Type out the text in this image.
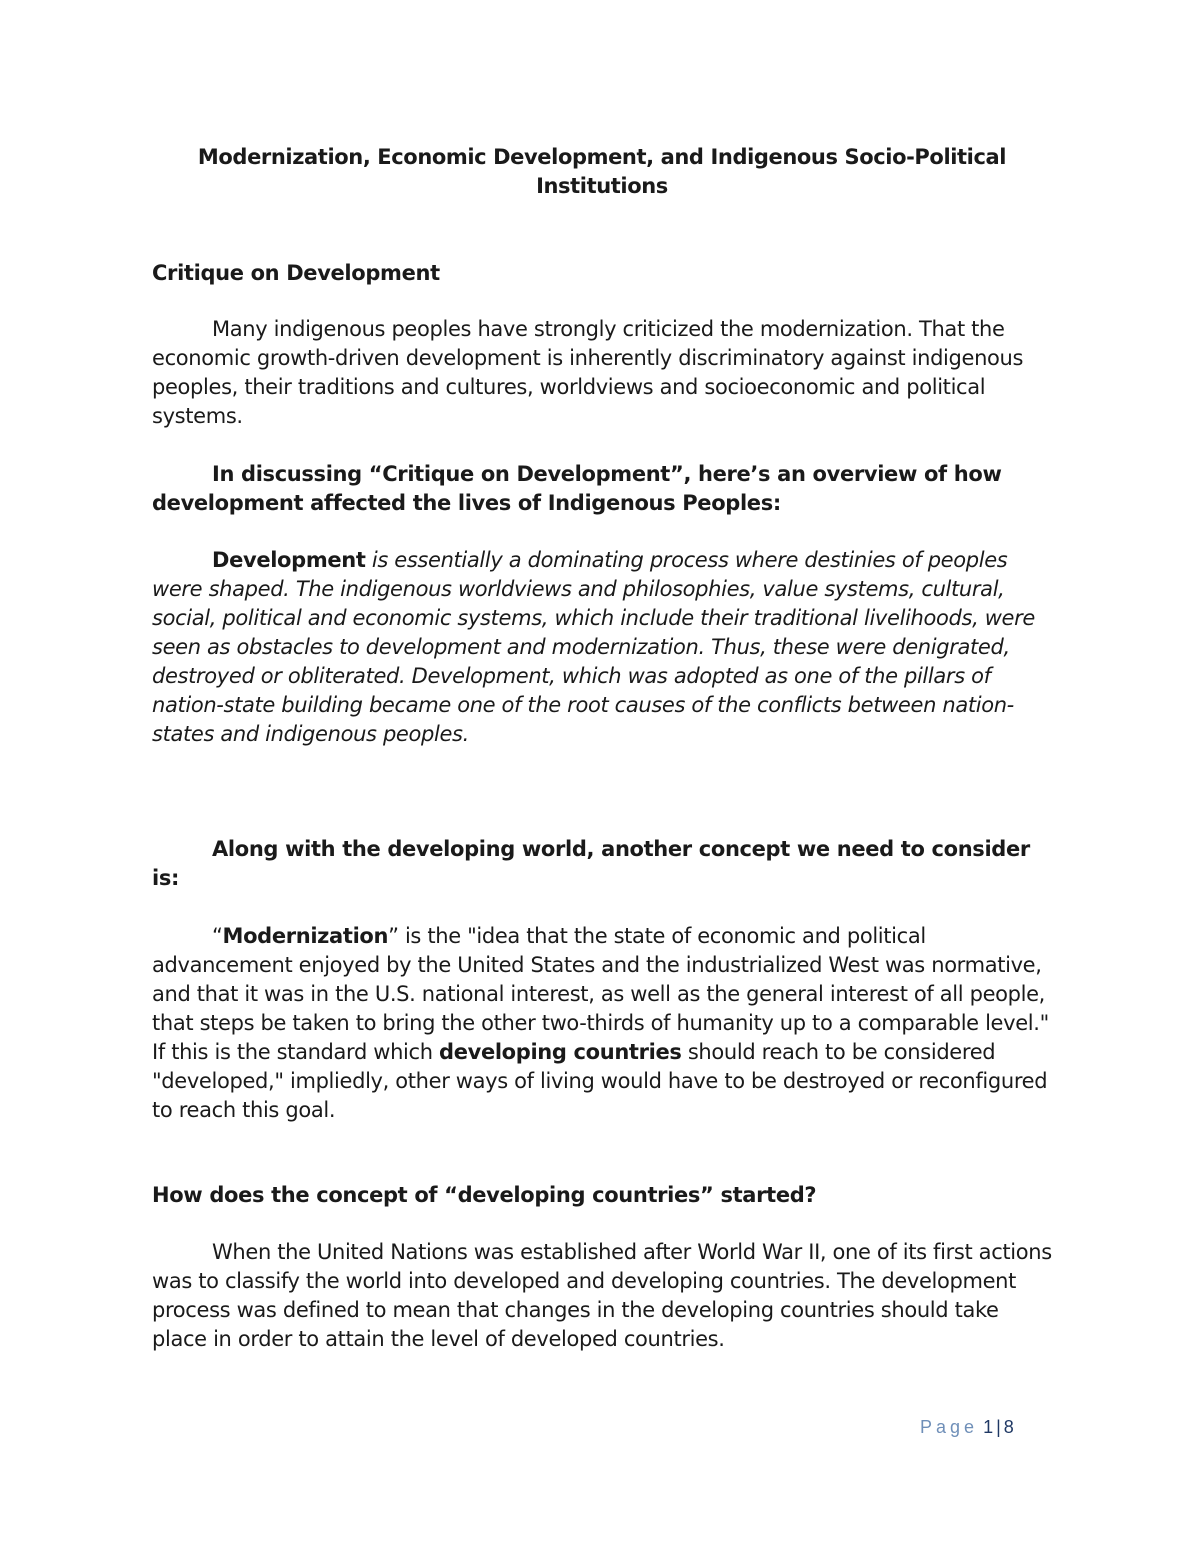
Modernization, Economic Development, and Indigenous Socio-Political
Institutions
Critique on Development
Many indigenous peoples have strongly criticized the modernization. That the economic growth-driven development is inherently discriminatory against indigenous peoples, their traditions and cultures, worldviews and socioeconomic and political systems.
In discussing “Critique on Development”, here’s an overview of how development affected the lives of Indigenous Peoples:
Development is essentially a dominating process where destinies of peoples were shaped. The indigenous worldviews and philosophies, value systems, cultural, social, political and economic systems, which include their traditional livelihoods, were seen as obstacles to development and modernization. Thus, these were denigrated, destroyed or obliterated. Development, which was adopted as one of the pillars of nation-state building became one of the root causes of the conflicts between nation-states and indigenous peoples.
Along with the developing world, another concept we need to consider is:
“Modernization” is the "idea that the state of economic and political advancement enjoyed by the United States and the industrialized West was normative, and that it was in the U.S. national interest, as well as the general interest of all people, that steps be taken to bring the other two-thirds of humanity up to a comparable level." If this is the standard which developing countries should reach to be considered "developed," impliedly, other ways of living would have to be destroyed or reconfigured to reach this goal.
How does the concept of “developing countries” started?
When the United Nations was established after World War II, one of its first actions was to classify the world into developed and developing countries. The development process was defined to mean that changes in the developing countries should take place in order to attain the level of developed countries.
Page 1 | 8
